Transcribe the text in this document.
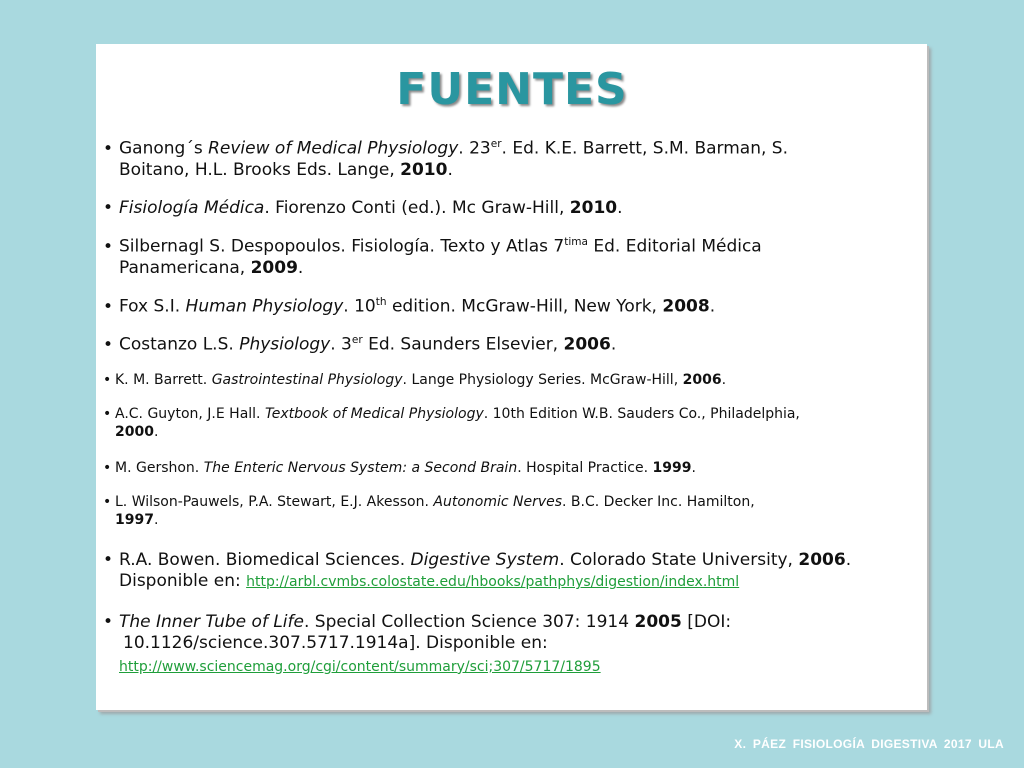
FUENTES
• Ganong´s Review of Medical Physiology. 23er. Ed. K.E. Barrett, S.M. Barman, S.
Boitano, H.L. Brooks Eds. Lange, 2010.
• Fisiología Médica. Fiorenzo Conti (ed.). Mc Graw-Hill, 2010.
• Silbernagl S. Despopoulos. Fisiología. Texto y Atlas $7^{tima}$ Ed. Editorial Médica
Panamericana, 2009.
• Fox S.I. Human Physiology. 10th edition. McGraw-Hill, New York, 2008.
• Costanzo L.S. Physiology. 3er Ed. Saunders Elsevier, 2006.
• K. M. Barrett. Gastrointestinal Physiology. Lange Physiology Series. McGraw-Hill, 2006.
• A.C. Guyton, J.E Hall. Textbook of Medical Physiology. 10th Edition W.B. Sauders Co., Philadelphia,
2000.
• M. Gershon. The Enteric Nervous System: a Second Brain. Hospital Practice. 1999.
• L. Wilson-Pauwels, P.A. Stewart, E.J. Akesson. Autonomic Nerves. B.C. Decker Inc. Hamilton,
1997.
• R.A. Bowen. Biomedical Sciences. Digestive System. Colorado State University, 2006.
Disponible en: http://arbl.cvmbs.colostate.edu/hbooks/pathphys/digestion/index.html
• The Inner Tube of Life. Special Collection Science 307: 1914 2005 [DOI:
10.1126/science.307.5717.1914a]. Disponible en:
http://www.sciencemag.org/cgi/content/summary/sci;307/5717/1895
X. PÁEZ FISIOLOGÍA DIGESTIVA 2017 ULA
